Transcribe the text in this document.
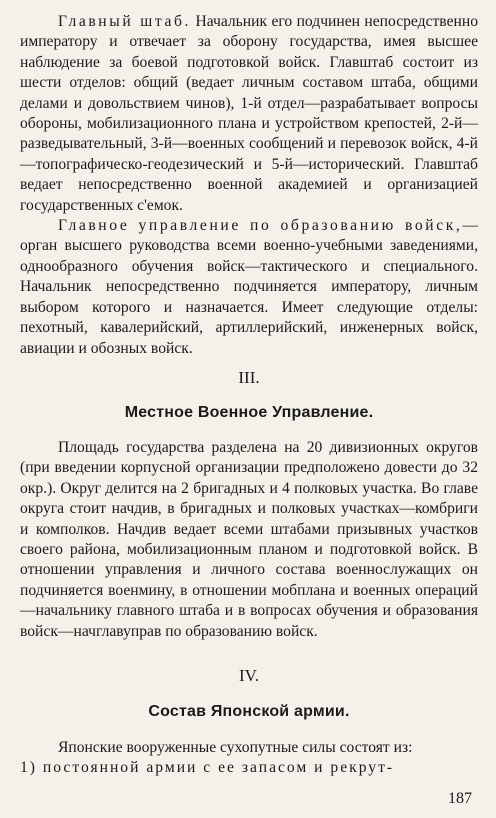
Главный штаб. Начальник его подчинен непосредственно императору и отвечает за оборону государства, имея высшее наблюдение за боевой подготовкой войск. Главштаб состоит из шести отделов: общий (ведает личным составом штаба, общими делами и довольствием чинов), 1-й отдел—разрабатывает вопросы обороны, мобилизационного плана и устройством крепостей, 2-й—разведывательный, 3-й—военных сообщений и перевозок войск, 4-й—топографическо-геодезический и 5-й—исторический. Главштаб ведает непосредственно военной академией и организацией государственных с'емок.

Главное управление по образованию войск,—орган высшего руководства всеми военно-учебными заведениями, однообразного обучения войск—тактического и специального. Начальник непосредственно подчиняется императору, личным выбором которого и назначается. Имеет следующие отделы: пехотный, кавалерийский, артиллерийский, инженерных войск, авиации и обозных войск.

III.

Местное Военное Управление.

Площадь государства разделена на 20 дивизионных округов (при введении корпусной организации предположено довести до 32 окр.). Округ делится на 2 бригадных и 4 полковых участка. Во главе округа стоит начдив, в бригадных и полковых участках—комбриги и комполков. Начдив ведает всеми штабами призывных участков своего района, мобилизационным планом и подготовкой войск. В отношении управления и личного состава военнослужащих он подчиняется военмину, в отношении мобплана и военных операций—начальнику главного штаба и в вопросах обучения и образования войск—начглавуправ по образованию войск.

IV.

Состав Японской армии.

Японские вооруженные сухопутные силы состоят из:

1) постоянной армии с ее запасом и рекрут-

187
